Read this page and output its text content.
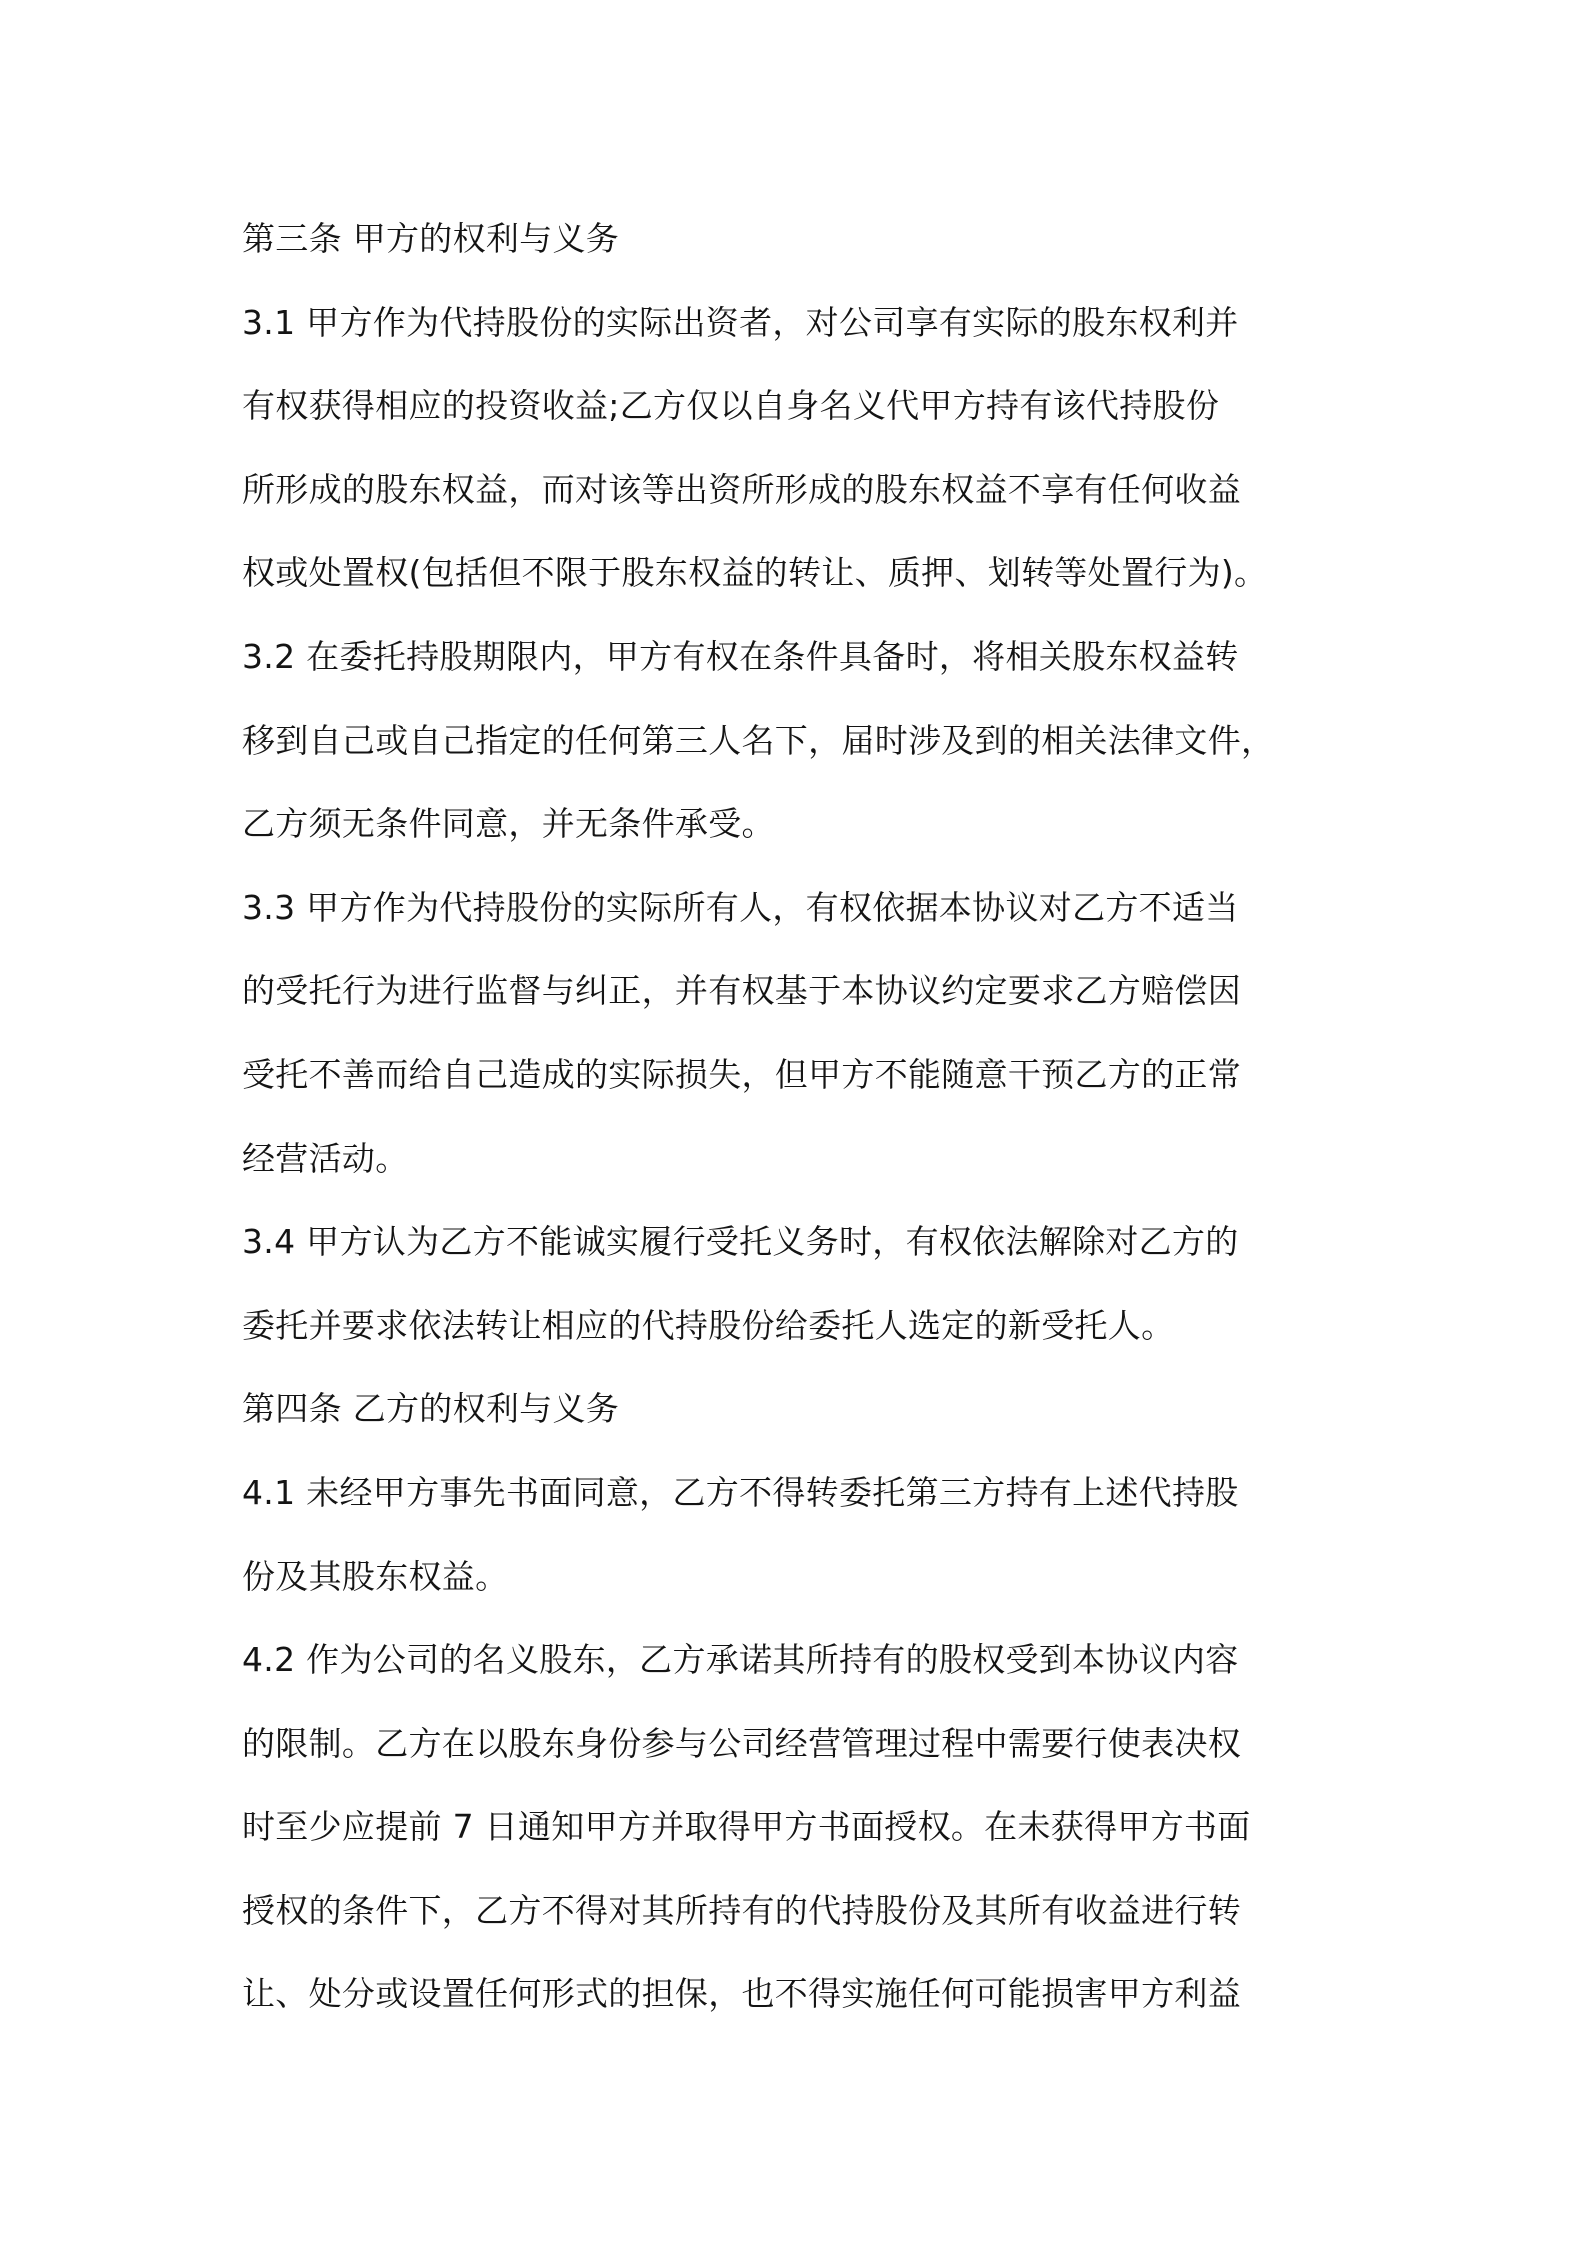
第三条 甲方的权利与义务
3.1 甲方作为代持股份的实际出资者，对公司享有实际的股东权利并
有权获得相应的投资收益;乙方仅以自身名义代甲方持有该代持股份
所形成的股东权益，而对该等出资所形成的股东权益不享有任何收益
权或处置权(包括但不限于股东权益的转让、质押、划转等处置行为)。
3.2 在委托持股期限内，甲方有权在条件具备时，将相关股东权益转
移到自己或自己指定的任何第三人名下，届时涉及到的相关法律文件，
乙方须无条件同意，并无条件承受。
3.3 甲方作为代持股份的实际所有人，有权依据本协议对乙方不适当
的受托行为进行监督与纠正，并有权基于本协议约定要求乙方赔偿因
受托不善而给自己造成的实际损失，但甲方不能随意干预乙方的正常
经营活动。
3.4 甲方认为乙方不能诚实履行受托义务时，有权依法解除对乙方的
委托并要求依法转让相应的代持股份给委托人选定的新受托人。
第四条 乙方的权利与义务
4.1 未经甲方事先书面同意，乙方不得转委托第三方持有上述代持股
份及其股东权益。
4.2 作为公司的名义股东，乙方承诺其所持有的股权受到本协议内容
的限制。乙方在以股东身份参与公司经营管理过程中需要行使表决权
时至少应提前 7 日通知甲方并取得甲方书面授权。在未获得甲方书面
授权的条件下，乙方不得对其所持有的代持股份及其所有收益进行转
让、处分或设置任何形式的担保，也不得实施任何可能损害甲方利益
